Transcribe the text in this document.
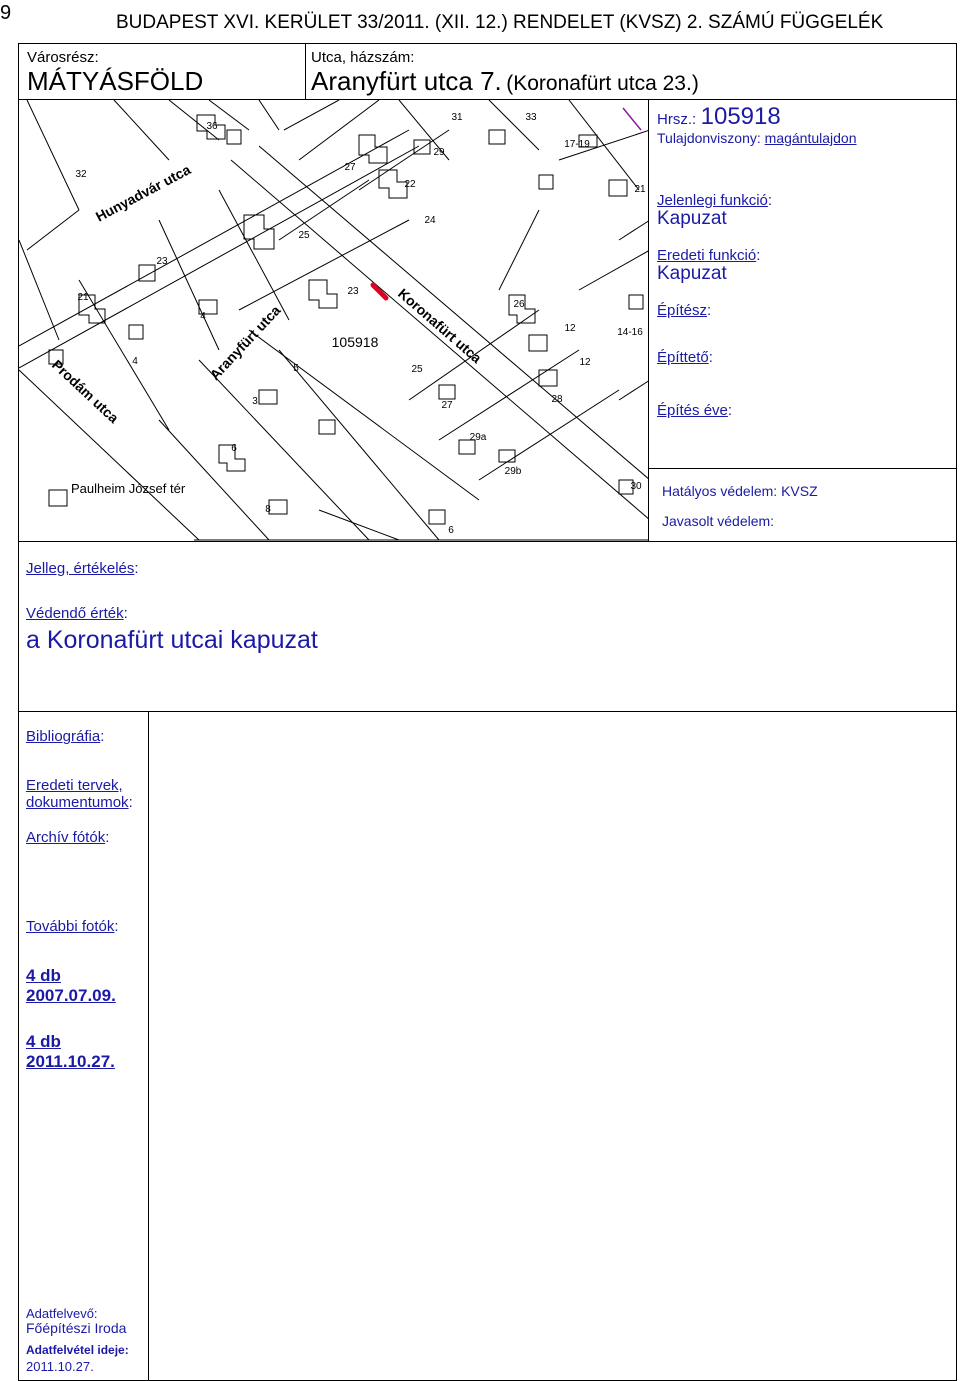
9	BUDAPEST XVI. KERÜLET 33/2011. (XII. 12.) RENDELET (KVSZ) 2. SZÁMÚ FÜGGELÉK
Városrész:
MÁTYÁSFÖLD
Utca, házszám:
Aranyfürt utca 7. (Koronafürt utca 23.)
Hunyadvár utca
Aranyfürt utca	Koronafürt utca
Prodám utca
Paulheim József tér
36
31	33
29
17-19
32
27
22	21
24
25
23
21
23
4
26
12	14-16
105918
25
5
4	12
3	27
28
29a
6
29b
30
8
6
Hrsz.: 105918
Tulajdonviszony: magántulajdon
Jelenlegi funkció:
Kapuzat
Eredeti funkció:
Kapuzat
Építész:
Építtető:
Építés éve:
Hatályos védelem: KVSZ
Javasolt védelem:
Jelleg, értékelés:
Védendő érték:
a Koronafürt utcai kapuzat
Bibliográfia:
Eredeti tervek,
dokumentumok:
Archív fótók:
További fotók:
4 db
2007.07.09.
4 db
2011.10.27.
Adatfelvevő:
Főépítészi Iroda
Adatfelvétel ideje:
2011.10.27.
